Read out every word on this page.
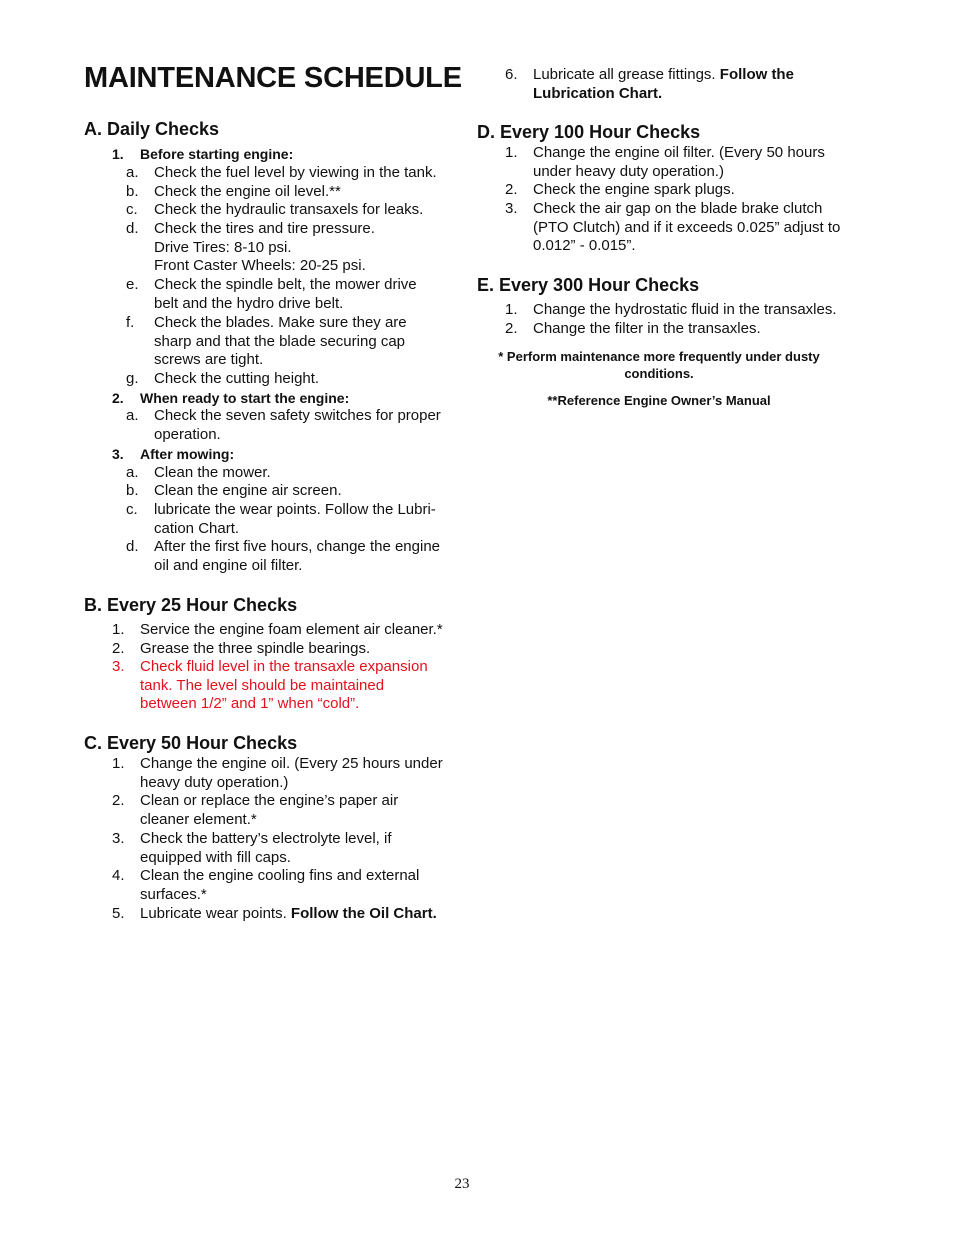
MAINTENANCE SCHEDULE
A. Daily Checks
1.	Before starting engine:
a.	Check the fuel level by viewing in the tank.
b.	Check the engine oil level.**
c.	Check the hydraulic transaxels for leaks.
d.	Check the tires and tire pressure.
Drive Tires: 8-10 psi.
Front Caster Wheels: 20-25 psi.
e.	Check the spindle belt, the mower drive belt and the hydro drive belt.
f.	Check the blades. Make sure they are sharp and that the blade securing cap screws are tight.
g.	Check the cutting height.
2.	When ready to start the engine:
a.	Check the seven safety switches for proper operation.
3.	After mowing:
a.	Clean the mower.
b.	Clean the engine air screen.
c.	lubricate the wear points. Follow the Lubri-cation Chart.
d.	After the first five hours, change the engine oil and engine oil filter.
B. Every 25 Hour Checks
1.	Service the engine foam element air cleaner.*
2.	Grease the three spindle bearings.
3.	Check fluid level in the transaxle expansion tank. The level should be maintained between 1/2” and 1” when “cold”.
C. Every 50 Hour Checks
1.	Change the engine oil. (Every 25 hours under heavy duty operation.)
2.	Clean or replace the engine’s paper air cleaner element.*
3.	Check the battery’s electrolyte level, if equipped with fill caps.
4.	Clean the engine cooling fins and external surfaces.*
5.	Lubricate wear points. Follow the Oil Chart.
6.	Lubricate all grease fittings. Follow the Lubrication Chart.
D. Every 100 Hour Checks
1.	Change the engine oil filter. (Every 50 hours under heavy duty operation.)
2.	Check the engine spark plugs.
3.	Check the air gap on the blade brake clutch (PTO Clutch) and if it exceeds 0.025” adjust to 0.012” - 0.015”.
E. Every 300 Hour Checks
1.	Change the hydrostatic fluid in the transaxles.
2.	Change the filter in the transaxles.
* Perform maintenance more frequently under dusty conditions.
**Reference Engine Owner’s Manual
23
